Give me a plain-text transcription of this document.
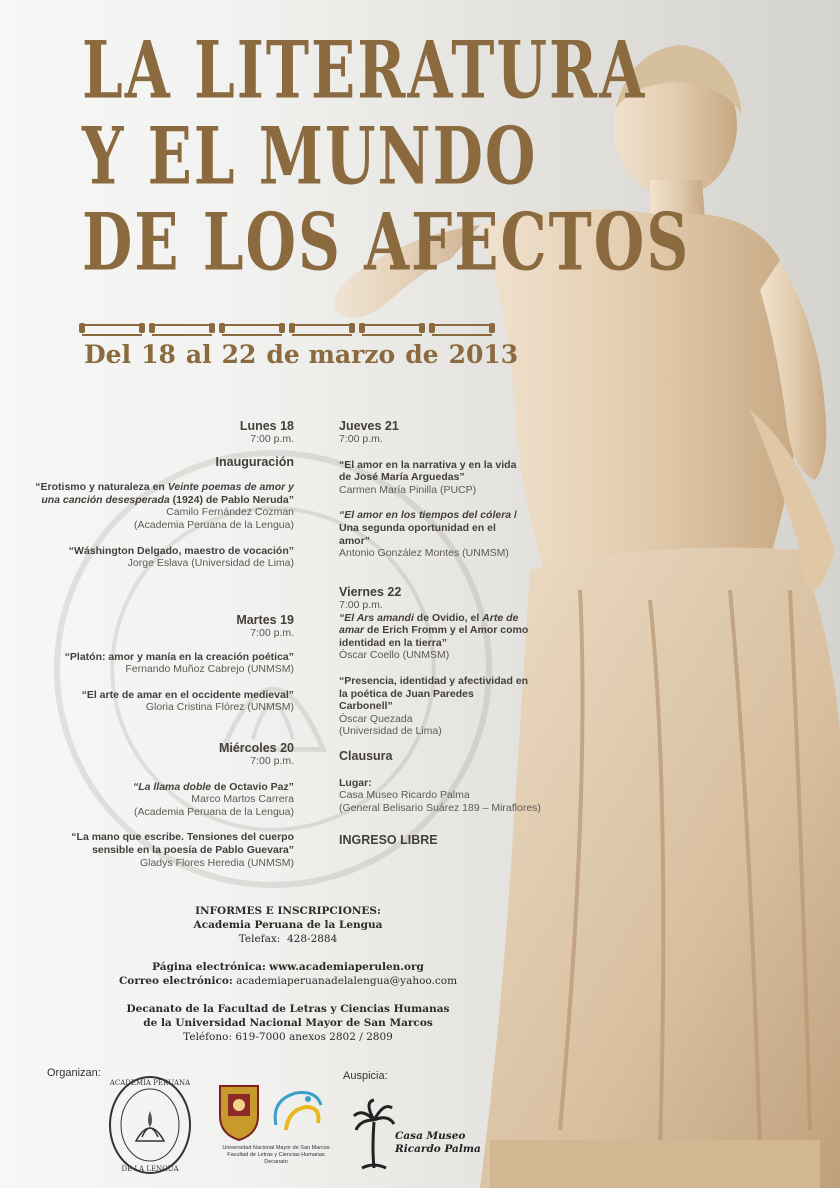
LA LITERATURA
Y EL MUNDO
DE LOS AFECTOS
Del 18 al 22 de marzo de 2013
Lunes 18
7:00 p.m.
Inauguración
“Erotismo y naturaleza en Veinte poemas de amor y una canción desesperada (1924) de Pablo Neruda”
Camilo Fernández Cozman
(Academia Peruana de la Lengua)
“Wáshington Delgado, maestro de vocación”
Jorge Eslava (Universidad de Lima)
Martes 19
7:00 p.m.
“Platón: amor y manía en la creación poética”
Fernando Muñoz Cabrejo (UNMSM)
“El arte de amar en el occidente medieval”
Gloria Cristina Flórez (UNMSM)
Miércoles 20
7:00 p.m.
“La llama doble de Octavio Paz”
Marco Martos Carrera
(Academia Peruana de la Lengua)
“La mano que escribe. Tensiones del cuerpo sensible en la poesía de Pablo Guevara”
Gladys Flores Heredia (UNMSM)
Jueves 21
7:00 p.m.
“El amor en la narrativa y en la vida de José María Arguedas”
Carmen María Pinilla (PUCP)
“El amor en los tiempos del cólera / Una segunda oportunidad en el amor”
Antonio González Montes (UNMSM)
Viernes 22
7:00 p.m.
“El Ars amandi de Ovidio, el Arte de amar de Erich Fromm y el Amor como identidad en la tierra”
Óscar Coello (UNMSM)
“Presencia, identidad y afectividad en la poética de Juan Paredes Carbonell”
Óscar Quezada
(Universidad de Lima)
Clausura
Lugar:
Casa Museo Ricardo Palma
(General Belisario Suárez 189 – Miraflores)
INGRESO LIBRE
INFORMES E INSCRIPCIONES:
Academia Peruana de la Lengua
Telefax: 428-2884
Página electrónica: www.academiaperulen.org
Correo electrónico: academiaperuanadelalengua@yahoo.com
Decanato de la Facultad de Letras y Ciencias Humanas
de la Universidad Nacional Mayor de San Marcos
Teléfono: 619-7000 anexos 2802 / 2809
Organizan:	Auspicia:
ACADEMIA PERUANA
DE LA LENGUA
Universidad Nacional Mayor de San Marcos
Facultad de Letras y Ciencias Humanas
Decanato
Casa Museo
Ricardo Palma
